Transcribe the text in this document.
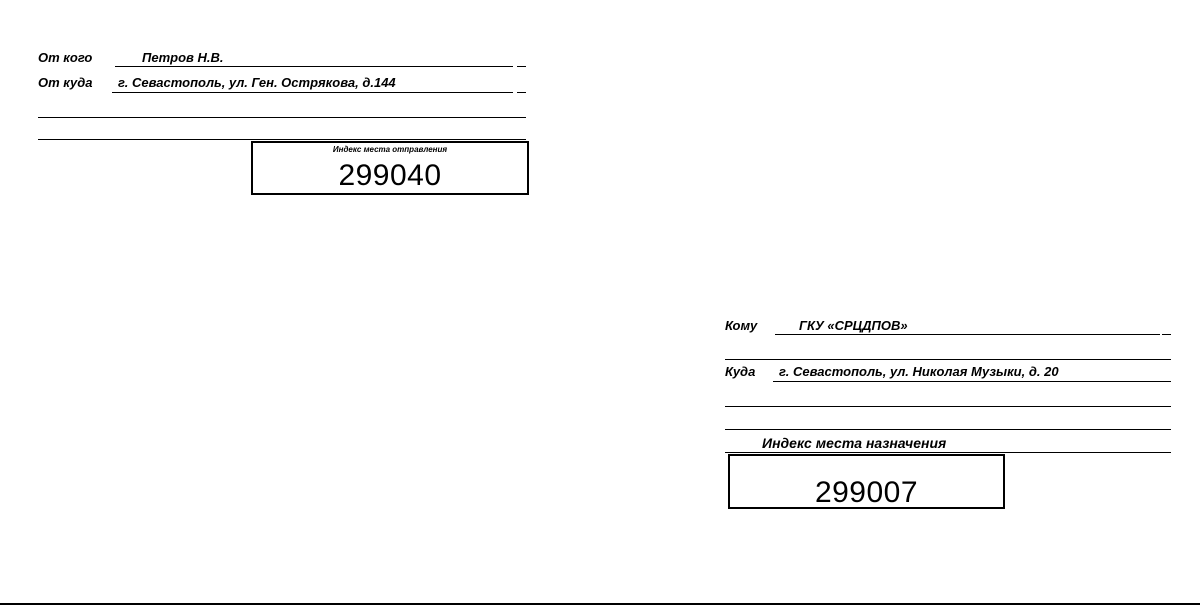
От кого	Петров Н.В.
От куда г. Севастополь, ул. Ген. Острякова, д.144
Индекс места отправления
299040
Кому	ГКУ «СРЦДПОВ»
Куда г. Севастополь, ул. Николая Музыки, д. 20
Индекс места назначения
299007
